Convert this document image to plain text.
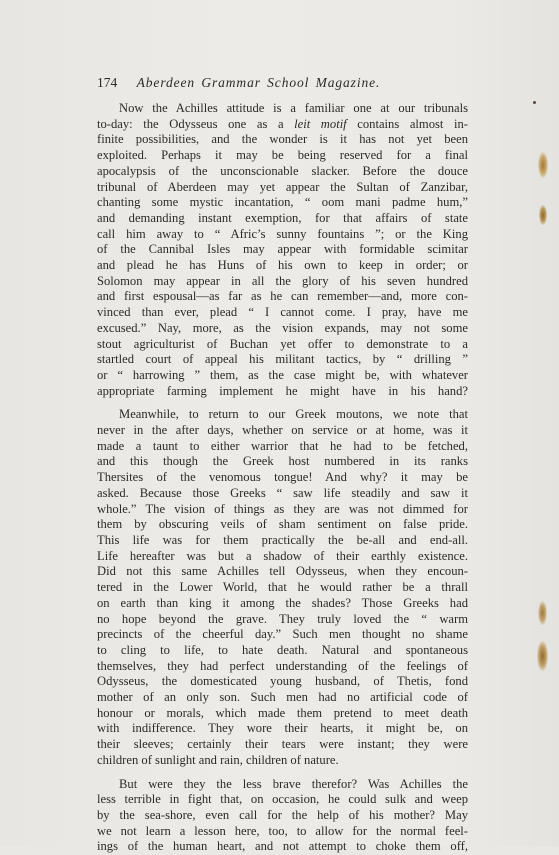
174 Aberdeen Grammar School Magazine.

Now the Achilles attitude is a familiar one at our tribunals
to-day: the Odysseus one as a leit motif contains almost in-
finite possibilities, and the wonder is it has not yet been
exploited. Perhaps it may be being reserved for a final
apocalypsis of the unconscionable slacker. Before the douce
tribunal of Aberdeen may yet appear the Sultan of Zanzibar,
chanting some mystic incantation, “ oom mani padme hum,”
and demanding instant exemption, for that affairs of state
call him away to “ Afric’s sunny fountains ”; or the King
of the Cannibal Isles may appear with formidable scimitar
and plead he has Huns of his own to keep in order; or
Solomon may appear in all the glory of his seven hundred
and first espousal—as far as he can remember—and, more con-
vinced than ever, plead “ I cannot come. I pray, have me
excused.” Nay, more, as the vision expands, may not some
stout agriculturist of Buchan yet offer to demonstrate to a
startled court of appeal his militant tactics, by “ drilling ”
or “ harrowing ” them, as the case might be, with whatever
appropriate farming implement he might have in his hand?

Meanwhile, to return to our Greek moutons, we note that
never in the after days, whether on service or at home, was it
made a taunt to either warrior that he had to be fetched,
and this though the Greek host numbered in its ranks
Thersites of the venomous tongue! And why? it may be
asked. Because those Greeks “ saw life steadily and saw it
whole.” The vision of things as they are was not dimmed for
them by obscuring veils of sham sentiment on false pride.
This life was for them practically the be-all and end-all.
Life hereafter was but a shadow of their earthly existence.
Did not this same Achilles tell Odysseus, when they encoun-
tered in the Lower World, that he would rather be a thrall
on earth than king it among the shades? Those Greeks had
no hope beyond the grave. They truly loved the “ warm
precincts of the cheerful day.” Such men thought no shame
to cling to life, to hate death. Natural and spontaneous
themselves, they had perfect understanding of the feelings of
Odysseus, the domesticated young husband, of Thetis, fond
mother of an only son. Such men had no artificial code of
honour or morals, which made them pretend to meet death
with indifference. They wore their hearts, it might be, on
their sleeves; certainly their tears were instant; they were
children of sunlight and rain, children of nature.

But were they the less brave therefor? Was Achilles the
less terrible in fight that, on occasion, he could sulk and weep
by the sea-shore, even call for the help of his mother? May
we not learn a lesson here, too, to allow for the normal feel-
ings of the human heart, and not attempt to choke them off,
